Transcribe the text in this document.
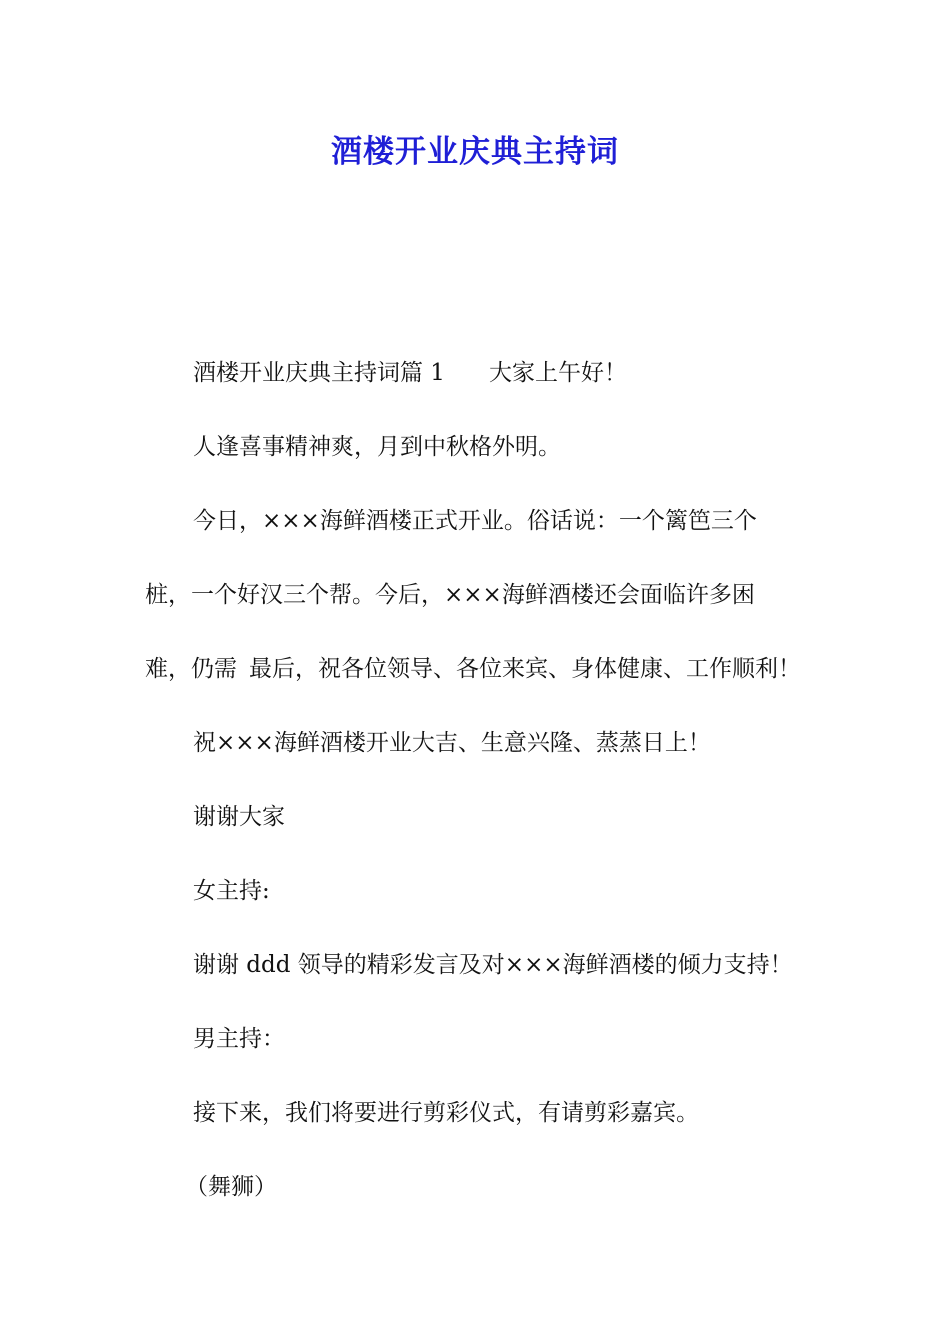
酒楼开业庆典主持词

酒楼开业庆典主持词篇 1 大家上午好！

人逢喜事精神爽，月到中秋格外明。

今日，×××海鲜酒楼正式开业。俗话说：一个篱笆三个

桩，一个好汉三个帮。今后，×××海鲜酒楼还会面临许多困

难，仍需 最后，祝各位领导、各位来宾、身体健康、工作顺利！

祝×××海鲜酒楼开业大吉、生意兴隆、蒸蒸日上！

谢谢大家

女主持:

谢谢 ddd 领导的精彩发言及对×××海鲜酒楼的倾力支持！

男主持：

接下来，我们将要进行剪彩仪式，有请剪彩嘉宾。

（舞狮）
